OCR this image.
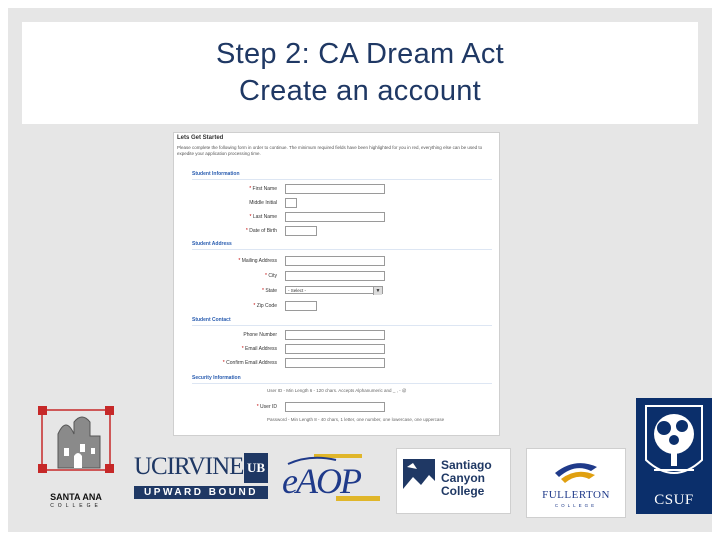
Step 2: CA Dream Act
Create an account
Lets Get Started
Please complete the following form in order to continue. The minimum required fields have been highlighted for you in red, everything else can be used to expedite your application processing time.
Student Information
* First Name
Middle Initial
* Last Name
* Date of Birth
Student Address
* Mailing Address
* City
* State	- Select -	▼
* Zip Code
Student Contact
Phone Number
* Email Address
* Confirm Email Address
Security Information
User ID - Min Length 6 - 120 chars. Accepts Alphanumeric and _ , - @
* User ID
Password - Min Length 8 - 40 chars, 1 letter, one number, one lowercase, one uppercase
SANTA ANA
COLLEGE
UCIRVINE UB
UPWARD BOUND eAOP	Santiago
Canyon
College	FULLERTON
COLLEGE	CSUF
